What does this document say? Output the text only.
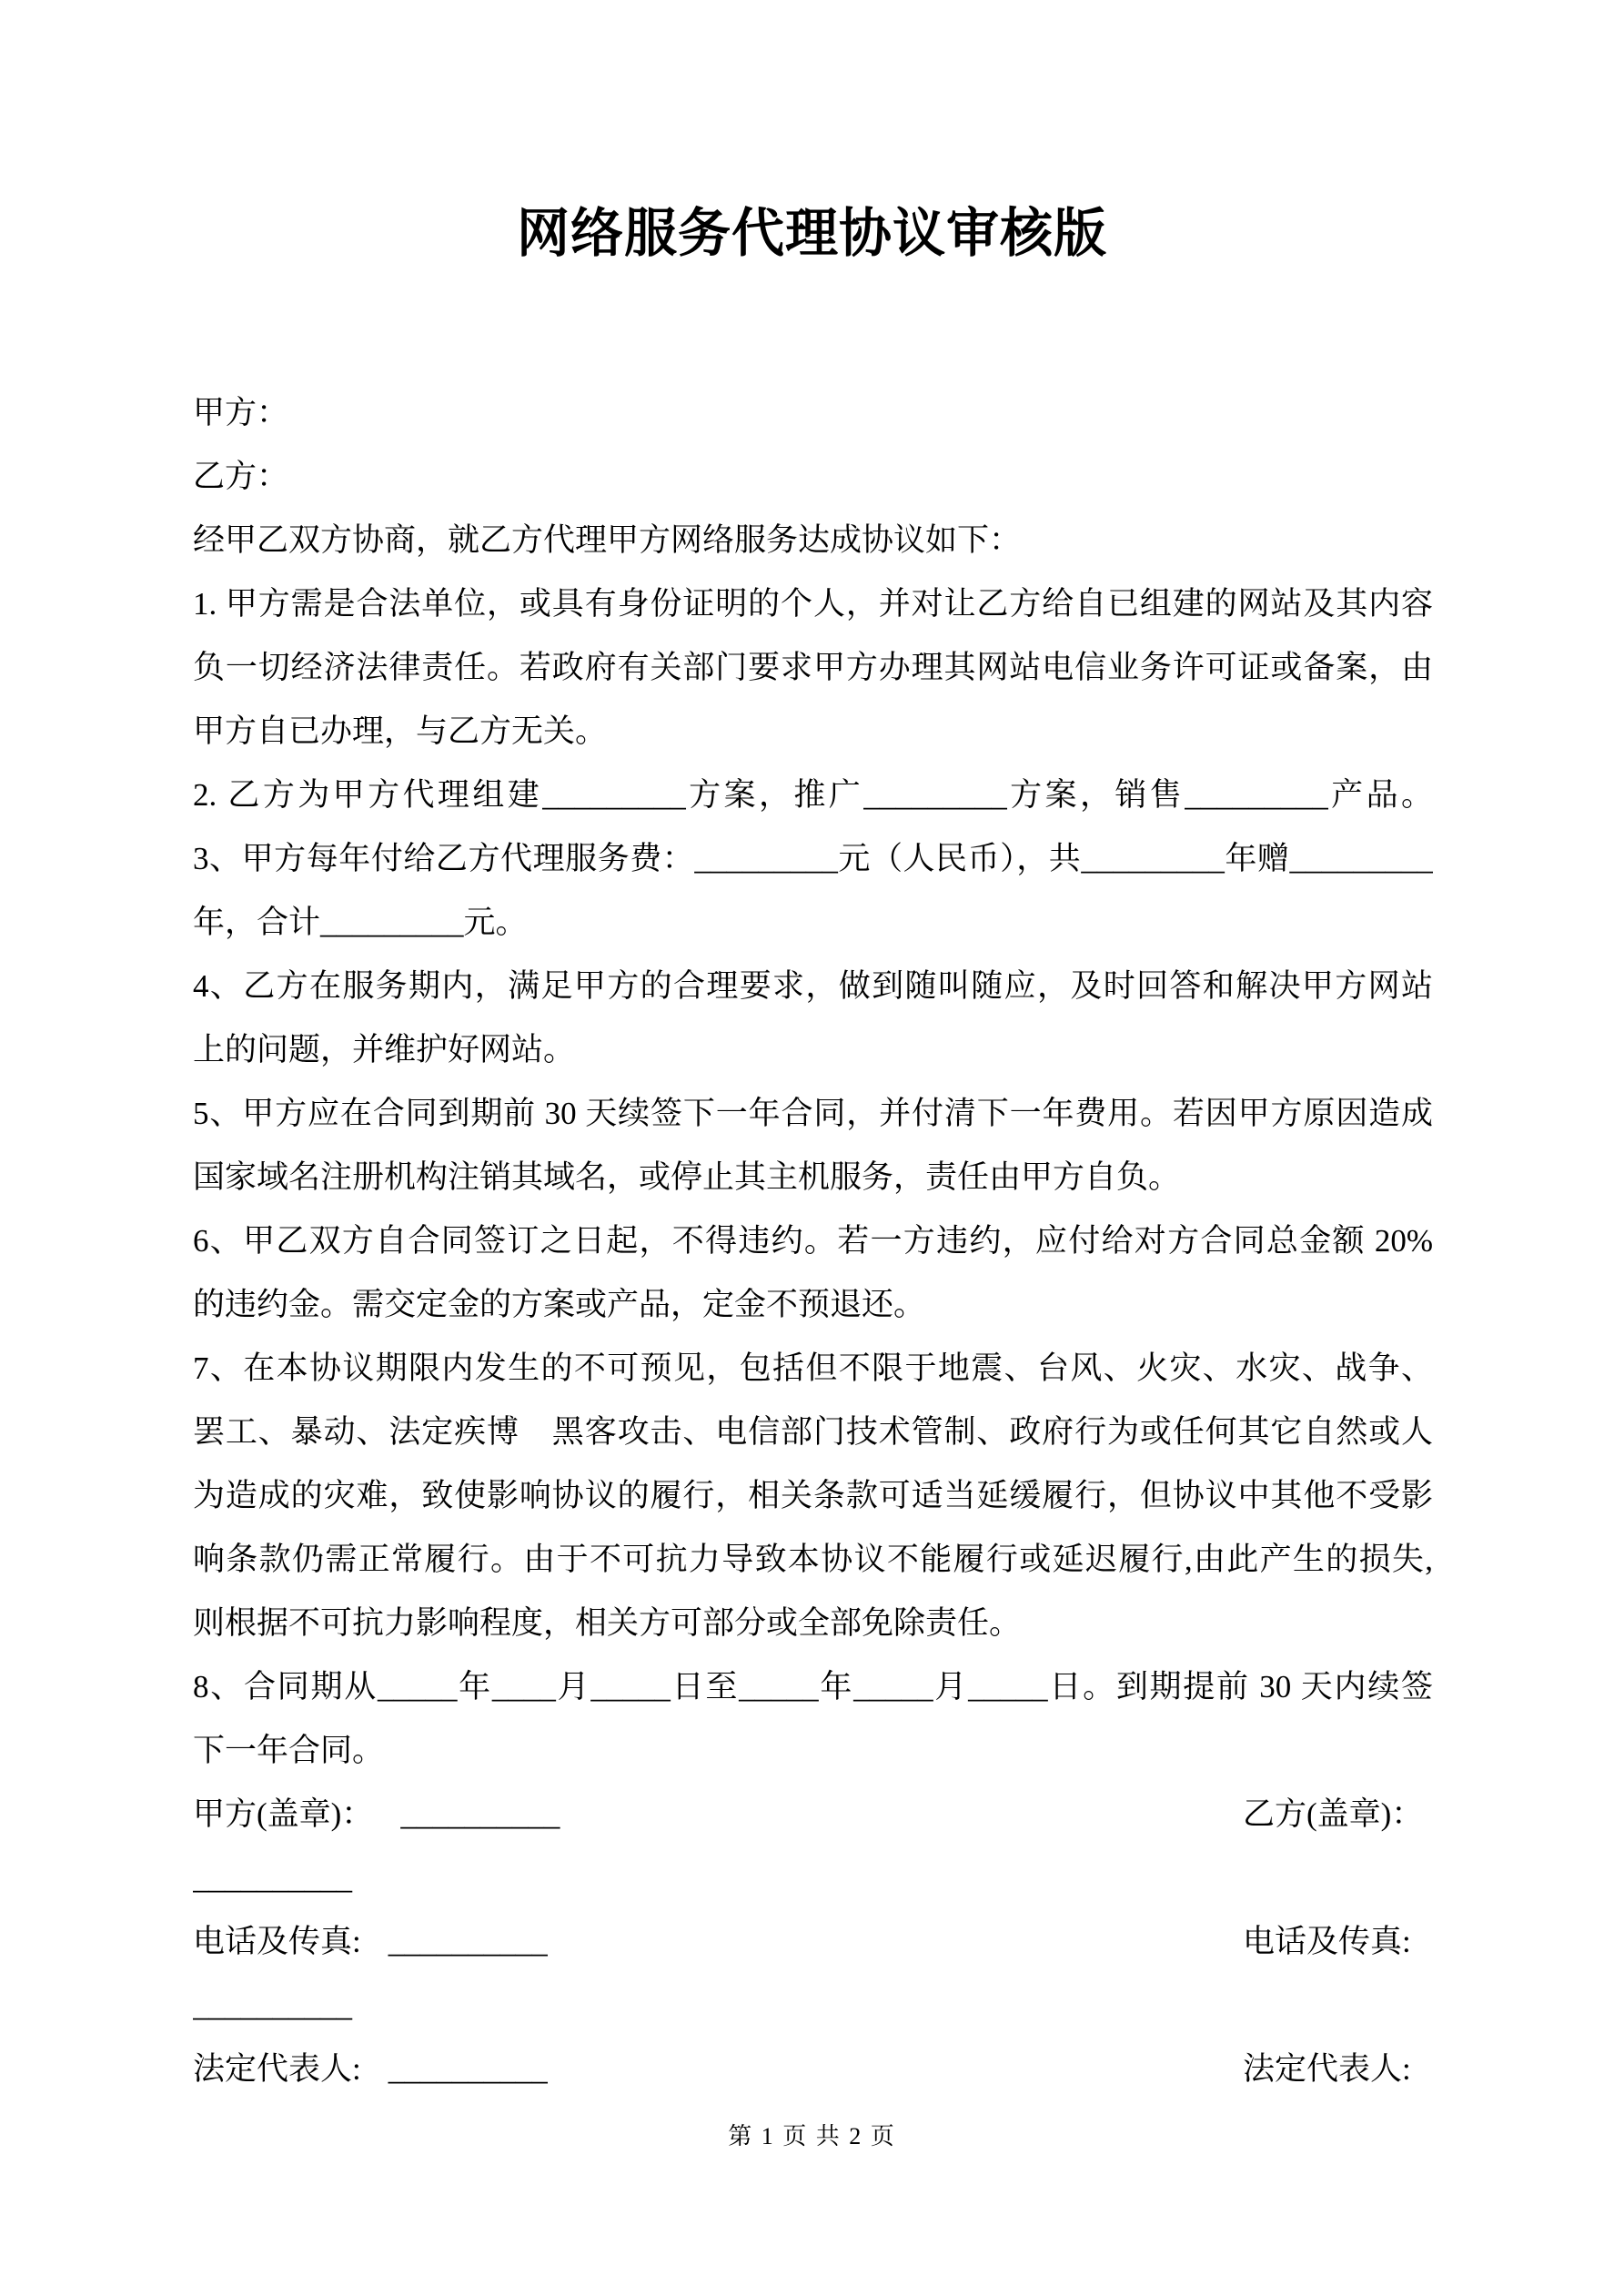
网络服务代理协议审核版
甲方：
乙方：
经甲乙双方协商，就乙方代理甲方网络服务达成协议如下：
1. 甲方需是合法单位，或具有身份证明的个人，并对让乙方给自已组建的网站及其内容
负一切经济法律责任。若政府有关部门要求甲方办理其网站电信业务许可证或备案，由
甲方自已办理，与乙方无关。
2. 乙方为甲方代理组建_________方案，推广_________方案，销售_________产品。
3、甲方每年付给乙方代理服务费：_________元（人民币），共_________年赠_________
年，合计_________元。
4、乙方在服务期内，满足甲方的合理要求，做到随叫随应，及时回答和解决甲方网站
上的问题，并维护好网站。
5、甲方应在合同到期前 30 天续签下一年合同，并付清下一年费用。若因甲方原因造成
国家域名注册机构注销其域名，或停止其主机服务，责任由甲方自负。
6、甲乙双方自合同签订之日起，不得违约。若一方违约，应付给对方合同总金额 20%
的违约金。需交定金的方案或产品，定金不预退还。
7、在本协议期限内发生的不可预见，包括但不限于地震、台风、火灾、水灾、战争、
罢工、暴动、法定疾博　黑客攻击、电信部门技术管制、政府行为或任何其它自然或人
为造成的灾难，致使影响协议的履行，相关条款可适当延缓履行，但协议中其他不受影
响条款仍需正常履行。由于不可抗力导致本协议不能履行或延迟履行,由此产生的损失,
则根据不可抗力影响程度，相关方可部分或全部免除责任。
8、合同期从_____年____月_____日至_____年_____月_____日。到期提前 30 天内续签
下一年合同。
甲方(盖章)： __________	乙方(盖章)：
__________
电话及传真: __________	电话及传真:
__________
法定代表人: __________	法定代表人:
第 1 页 共 2 页
